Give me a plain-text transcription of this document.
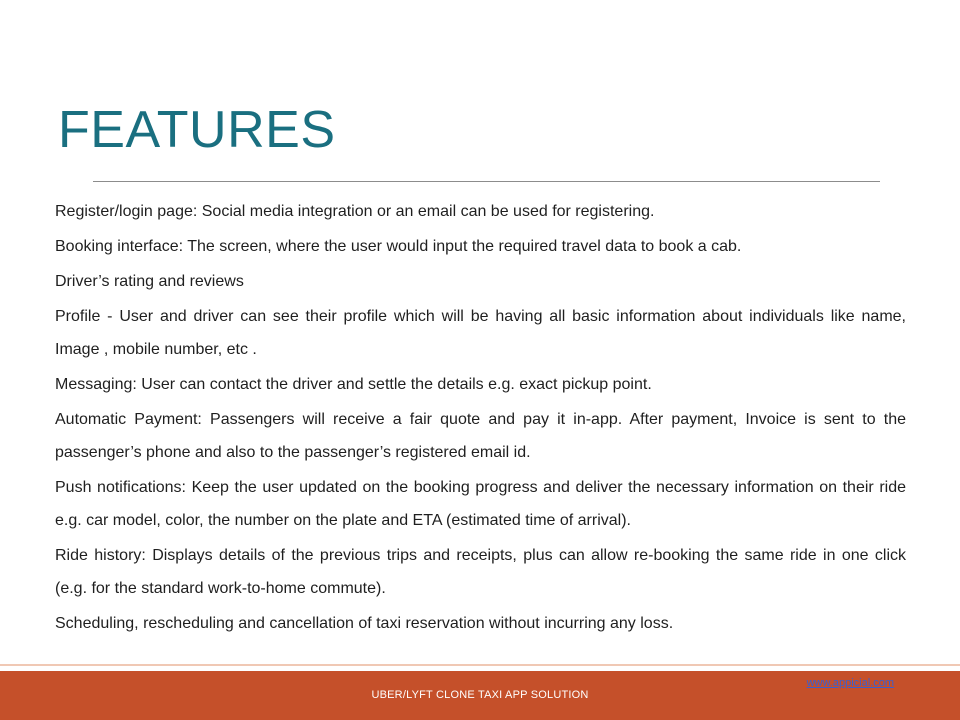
FEATURES

Register/login page: Social media integration or an email can be used for registering.

Booking interface: The screen, where the user would input the required travel data to book a cab.

Driver’s rating and reviews

Profile - User and driver can see their profile which will be having all basic information about individuals like name, Image , mobile number, etc .

Messaging: User can contact the driver and settle the details e.g. exact pickup point.

Automatic Payment: Passengers will receive a fair quote and pay it in-app. After payment, Invoice is sent to the passenger’s phone and also to the passenger’s registered email id.

Push notifications: Keep the user updated on the booking progress and deliver the necessary information on their ride e.g. car model, color, the number on the plate and ETA (estimated time of arrival).

Ride history: Displays details of the previous trips and receipts, plus can allow re-booking the same ride in one click (e.g. for the standard work-to-home commute).

Scheduling, rescheduling and cancellation of taxi reservation without incurring any loss.

www.appicial.com
UBER/LYFT CLONE TAXI APP SOLUTION
